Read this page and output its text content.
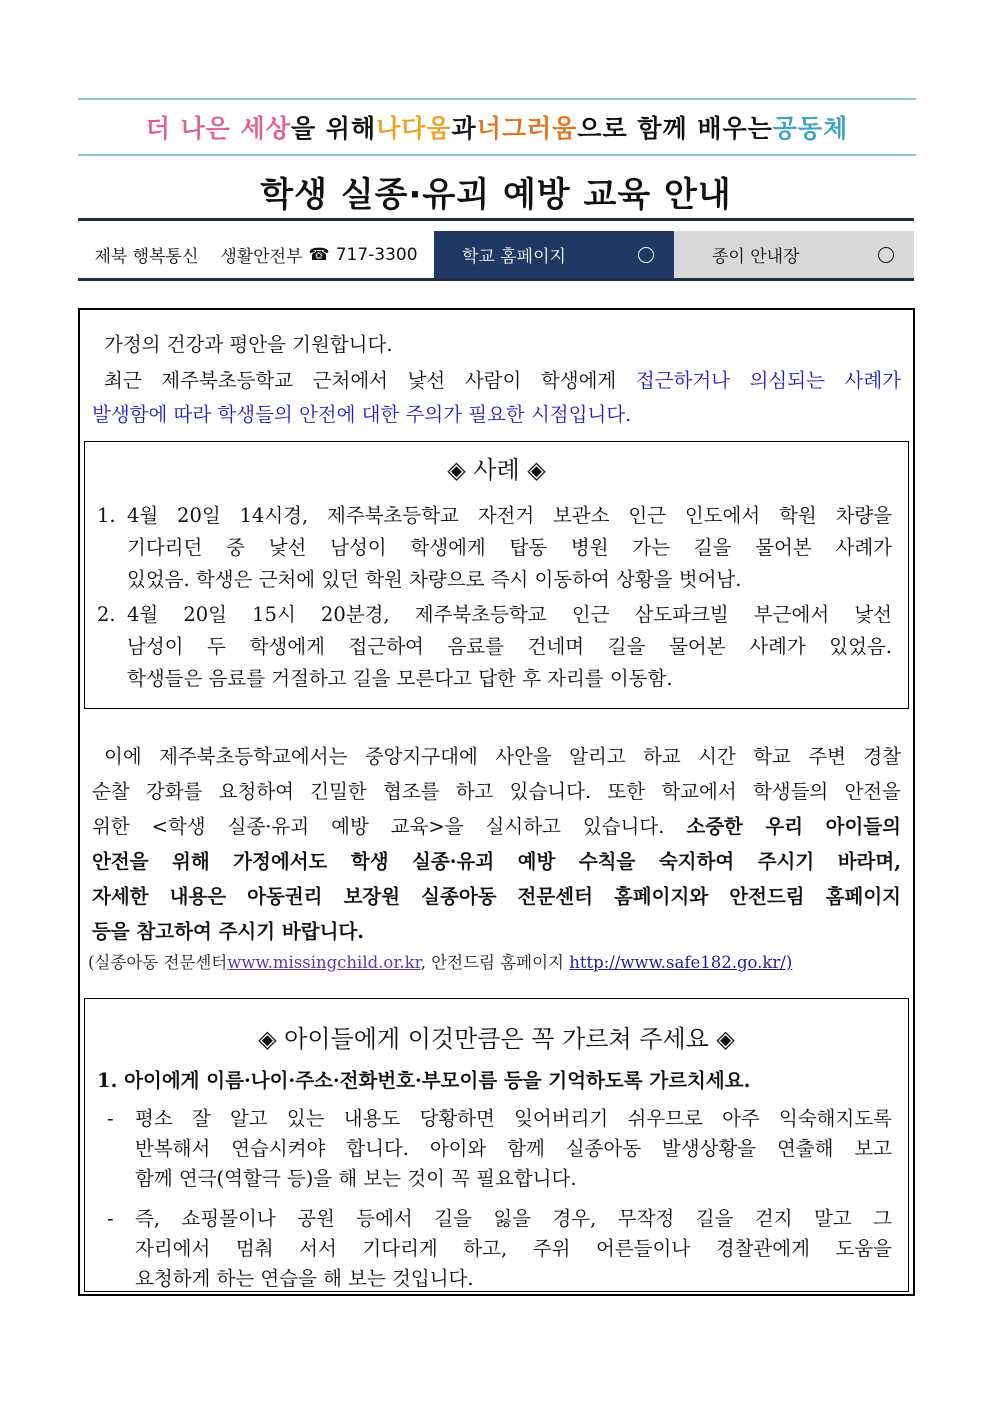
더 나은 세상 을 위해 나다움 과 너그러움 으로 함께 배우는 공동체
학생 실종·유괴 예방 교육 안내
제북 행복통신 생활안전부 ☎ 717-3300	학교 홈페이지	종이 안내장
가정의 건강과 평안을 기원합니다.
최근 제주북초등학교 근처에서 낯선 사람이 학생에게 접근하거나 의심되는 사례가
발생함에 따라 학생들의 안전에 대한 주의가 필요한 시점입니다.
◈ 사례 ◈
1. 4월 20일 14시경, 제주북초등학교 자전거 보관소 인근 인도에서 학원 차량을
기다리던 중 낯선 남성이 학생에게 탑동 병원 가는 길을 물어본 사례가
있었음. 학생은 근처에 있던 학원 차량으로 즉시 이동하여 상황을 벗어남.
2. 4월 20일 15시 20분경, 제주북초등학교 인근 삼도파크빌 부근에서 낯선
남성이 두 학생에게 접근하여 음료를 건네며 길을 물어본 사례가 있었음.
학생들은 음료를 거절하고 길을 모른다고 답한 후 자리를 이동함.
이에 제주북초등학교에서는 중앙지구대에 사안을 알리고 하교 시간 학교 주변 경찰
순찰 강화를 요청하여 긴밀한 협조를 하고 있습니다. 또한 학교에서 학생들의 안전을
위한 <학생 실종·유괴 예방 교육>을 실시하고 있습니다. 소중한 우리 아이들의
안전을 위해 가정에서도 학생 실종·유괴 예방 수칙을 숙지하여 주시기 바라며,
자세한 내용은 아동권리 보장원 실종아동 전문센터 홈페이지와 안전드림 홈페이지
등을 참고하여 주시기 바랍니다.
(실종아동 전문센터www.missingchild.or.kr, 안전드림 홈페이지 http://www.safe182.go.kr/)
◈ 아이들에게 이것만큼은 꼭 가르쳐 주세요 ◈
1. 아이에게 이름·나이·주소·전화번호·부모이름 등을 기억하도록 가르치세요.
-	평소 잘 알고 있는 내용도 당황하면 잊어버리기 쉬우므로 아주 익숙해지도록
반복해서 연습시켜야 합니다. 아이와 함께 실종아동 발생상황을 연출해 보고
함께 연극(역할극 등)을 해 보는 것이 꼭 필요합니다.
-	즉, 쇼핑몰이나 공원 등에서 길을 잃을 경우, 무작정 길을 걷지 말고 그
자리에서 멈춰 서서 기다리게 하고, 주위 어른들이나 경찰관에게 도움을
요청하게 하는 연습을 해 보는 것입니다.
